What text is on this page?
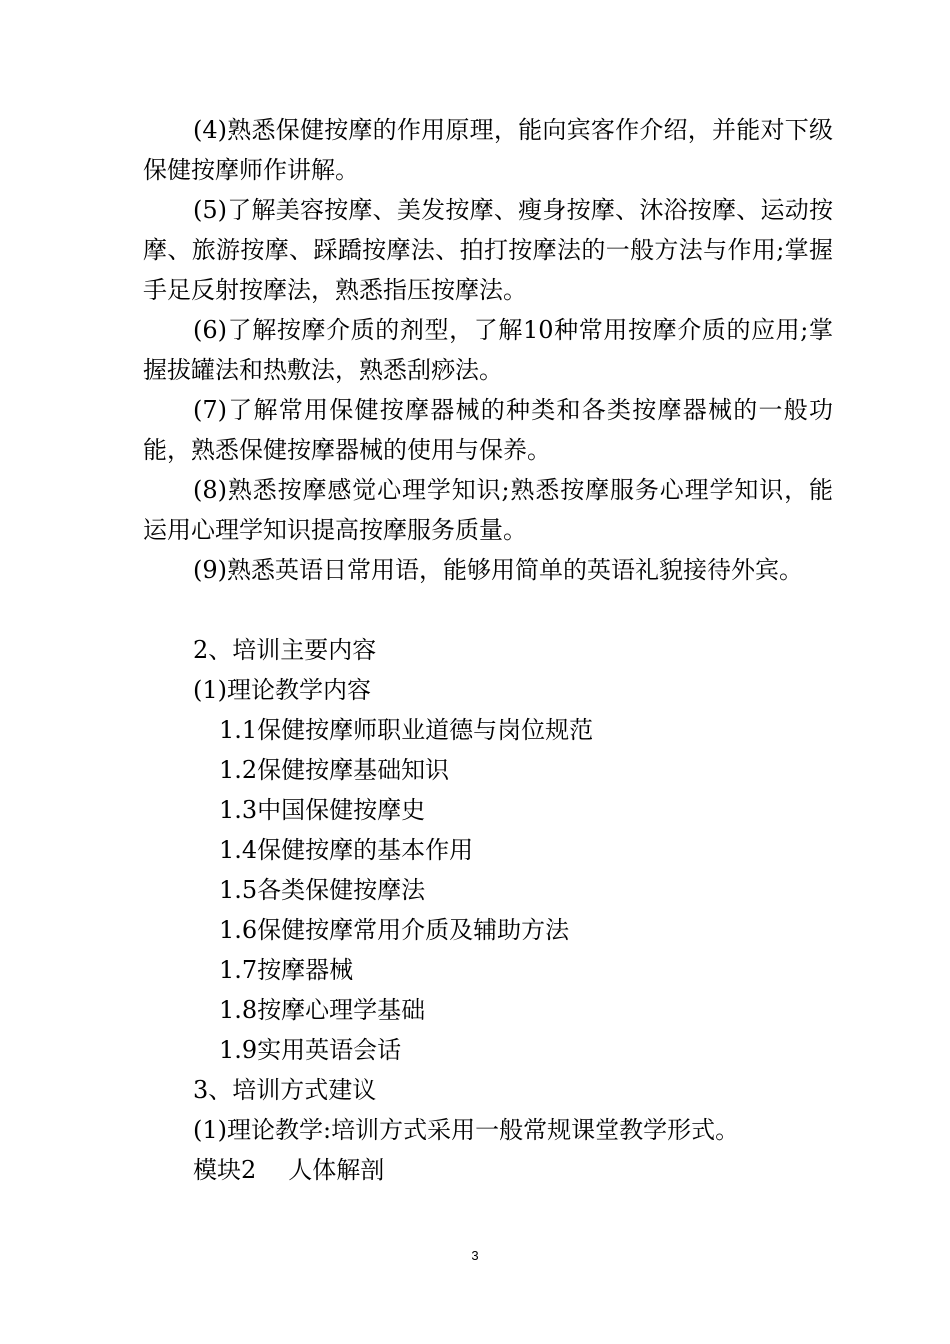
(4)熟悉保健按摩的作用原理，能向宾客作介绍，并能对下级保健按摩师作讲解。

(5)了解美容按摩、美发按摩、瘦身按摩、沐浴按摩、运动按摩、旅游按摩、踩蹻按摩法、拍打按摩法的一般方法与作用;掌握手足反射按摩法，熟悉指压按摩法。

(6)了解按摩介质的剂型，了解10种常用按摩介质的应用;掌握拔罐法和热敷法，熟悉刮痧法。

(7)了解常用保健按摩器械的种类和各类按摩器械的一般功能，熟悉保健按摩器械的使用与保养。

(8)熟悉按摩感觉心理学知识;熟悉按摩服务心理学知识，能运用心理学知识提高按摩服务质量。

(9)熟悉英语日常用语，能够用简单的英语礼貌接待外宾。

2、培训主要内容

(1)理论教学内容

1.1保健按摩师职业道德与岗位规范

1.2保健按摩基础知识

1.3中国保健按摩史

1.4保健按摩的基本作用

1.5各类保健按摩法

1.6保健按摩常用介质及辅助方法

1.7按摩器械

1.8按摩心理学基础

1.9实用英语会话

3、培训方式建议

(1)理论教学:培训方式采用一般常规课堂教学形式。

模块2 人体解剖

3
